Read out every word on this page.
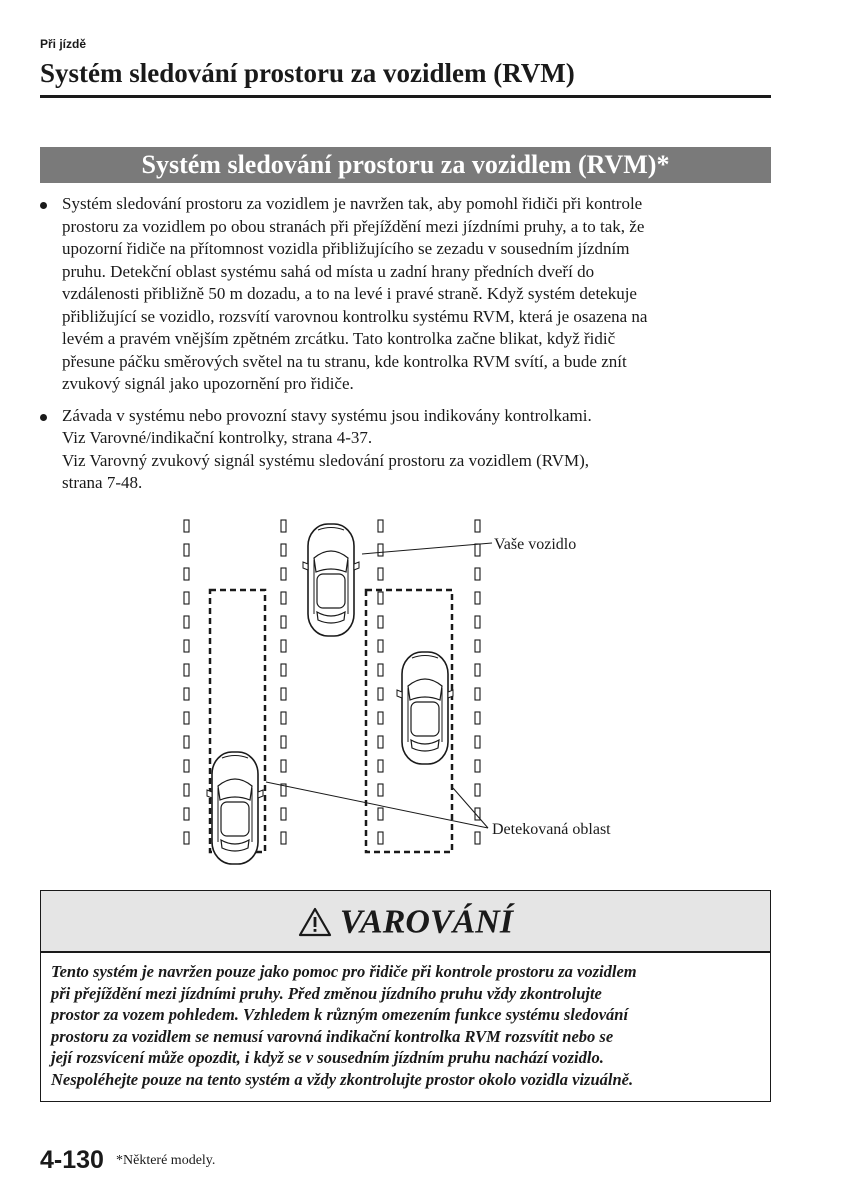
Při jízdě
Systém sledování prostoru za vozidlem (RVM)
Systém sledování prostoru za vozidlem (RVM)*
Systém sledování prostoru za vozidlem je navržen tak, aby pomohl řidiči při kontrole
prostoru za vozidlem po obou stranách při přejíždění mezi jízdními pruhy, a to tak, že
upozorní řidiče na přítomnost vozidla přibližujícího se zezadu v sousedním jízdním
pruhu. Detekční oblast systému sahá od místa u zadní hrany předních dveří do
vzdálenosti přibližně 50 m dozadu, a to na levé i pravé straně. Když systém detekuje
přibližující se vozidlo, rozsvítí varovnou kontrolku systému RVM, která je osazena na
levém a pravém vnějším zpětném zrcátku. Tato kontrolka začne blikat, když řidič
přesune páčku směrových světel na tu stranu, kde kontrolka RVM svítí, a bude znít
zvukový signál jako upozornění pro řidiče.
Závada v systému nebo provozní stavy systému jsou indikovány kontrolkami.
Viz Varovné/indikační kontrolky, strana 4-37.
Viz Varovný zvukový signál systému sledování prostoru za vozidlem (RVM),
strana 7-48.
Vaše vozidlo
Detekovaná oblast
VAROVÁNÍ
Tento systém je navržen pouze jako pomoc pro řidiče při kontrole prostoru za vozidlem
při přejíždění mezi jízdními pruhy. Před změnou jízdního pruhu vždy zkontrolujte
prostor za vozem pohledem. Vzhledem k různým omezením funkce systému sledování
prostoru za vozidlem se nemusí varovná indikační kontrolka RVM rozsvítit nebo se
její rozsvícení může opozdit, i když se v sousedním jízdním pruhu nachází vozidlo.
Nespoléhejte pouze na tento systém a vždy zkontrolujte prostor okolo vozidla vizuálně.
4-130 *Některé modely.
